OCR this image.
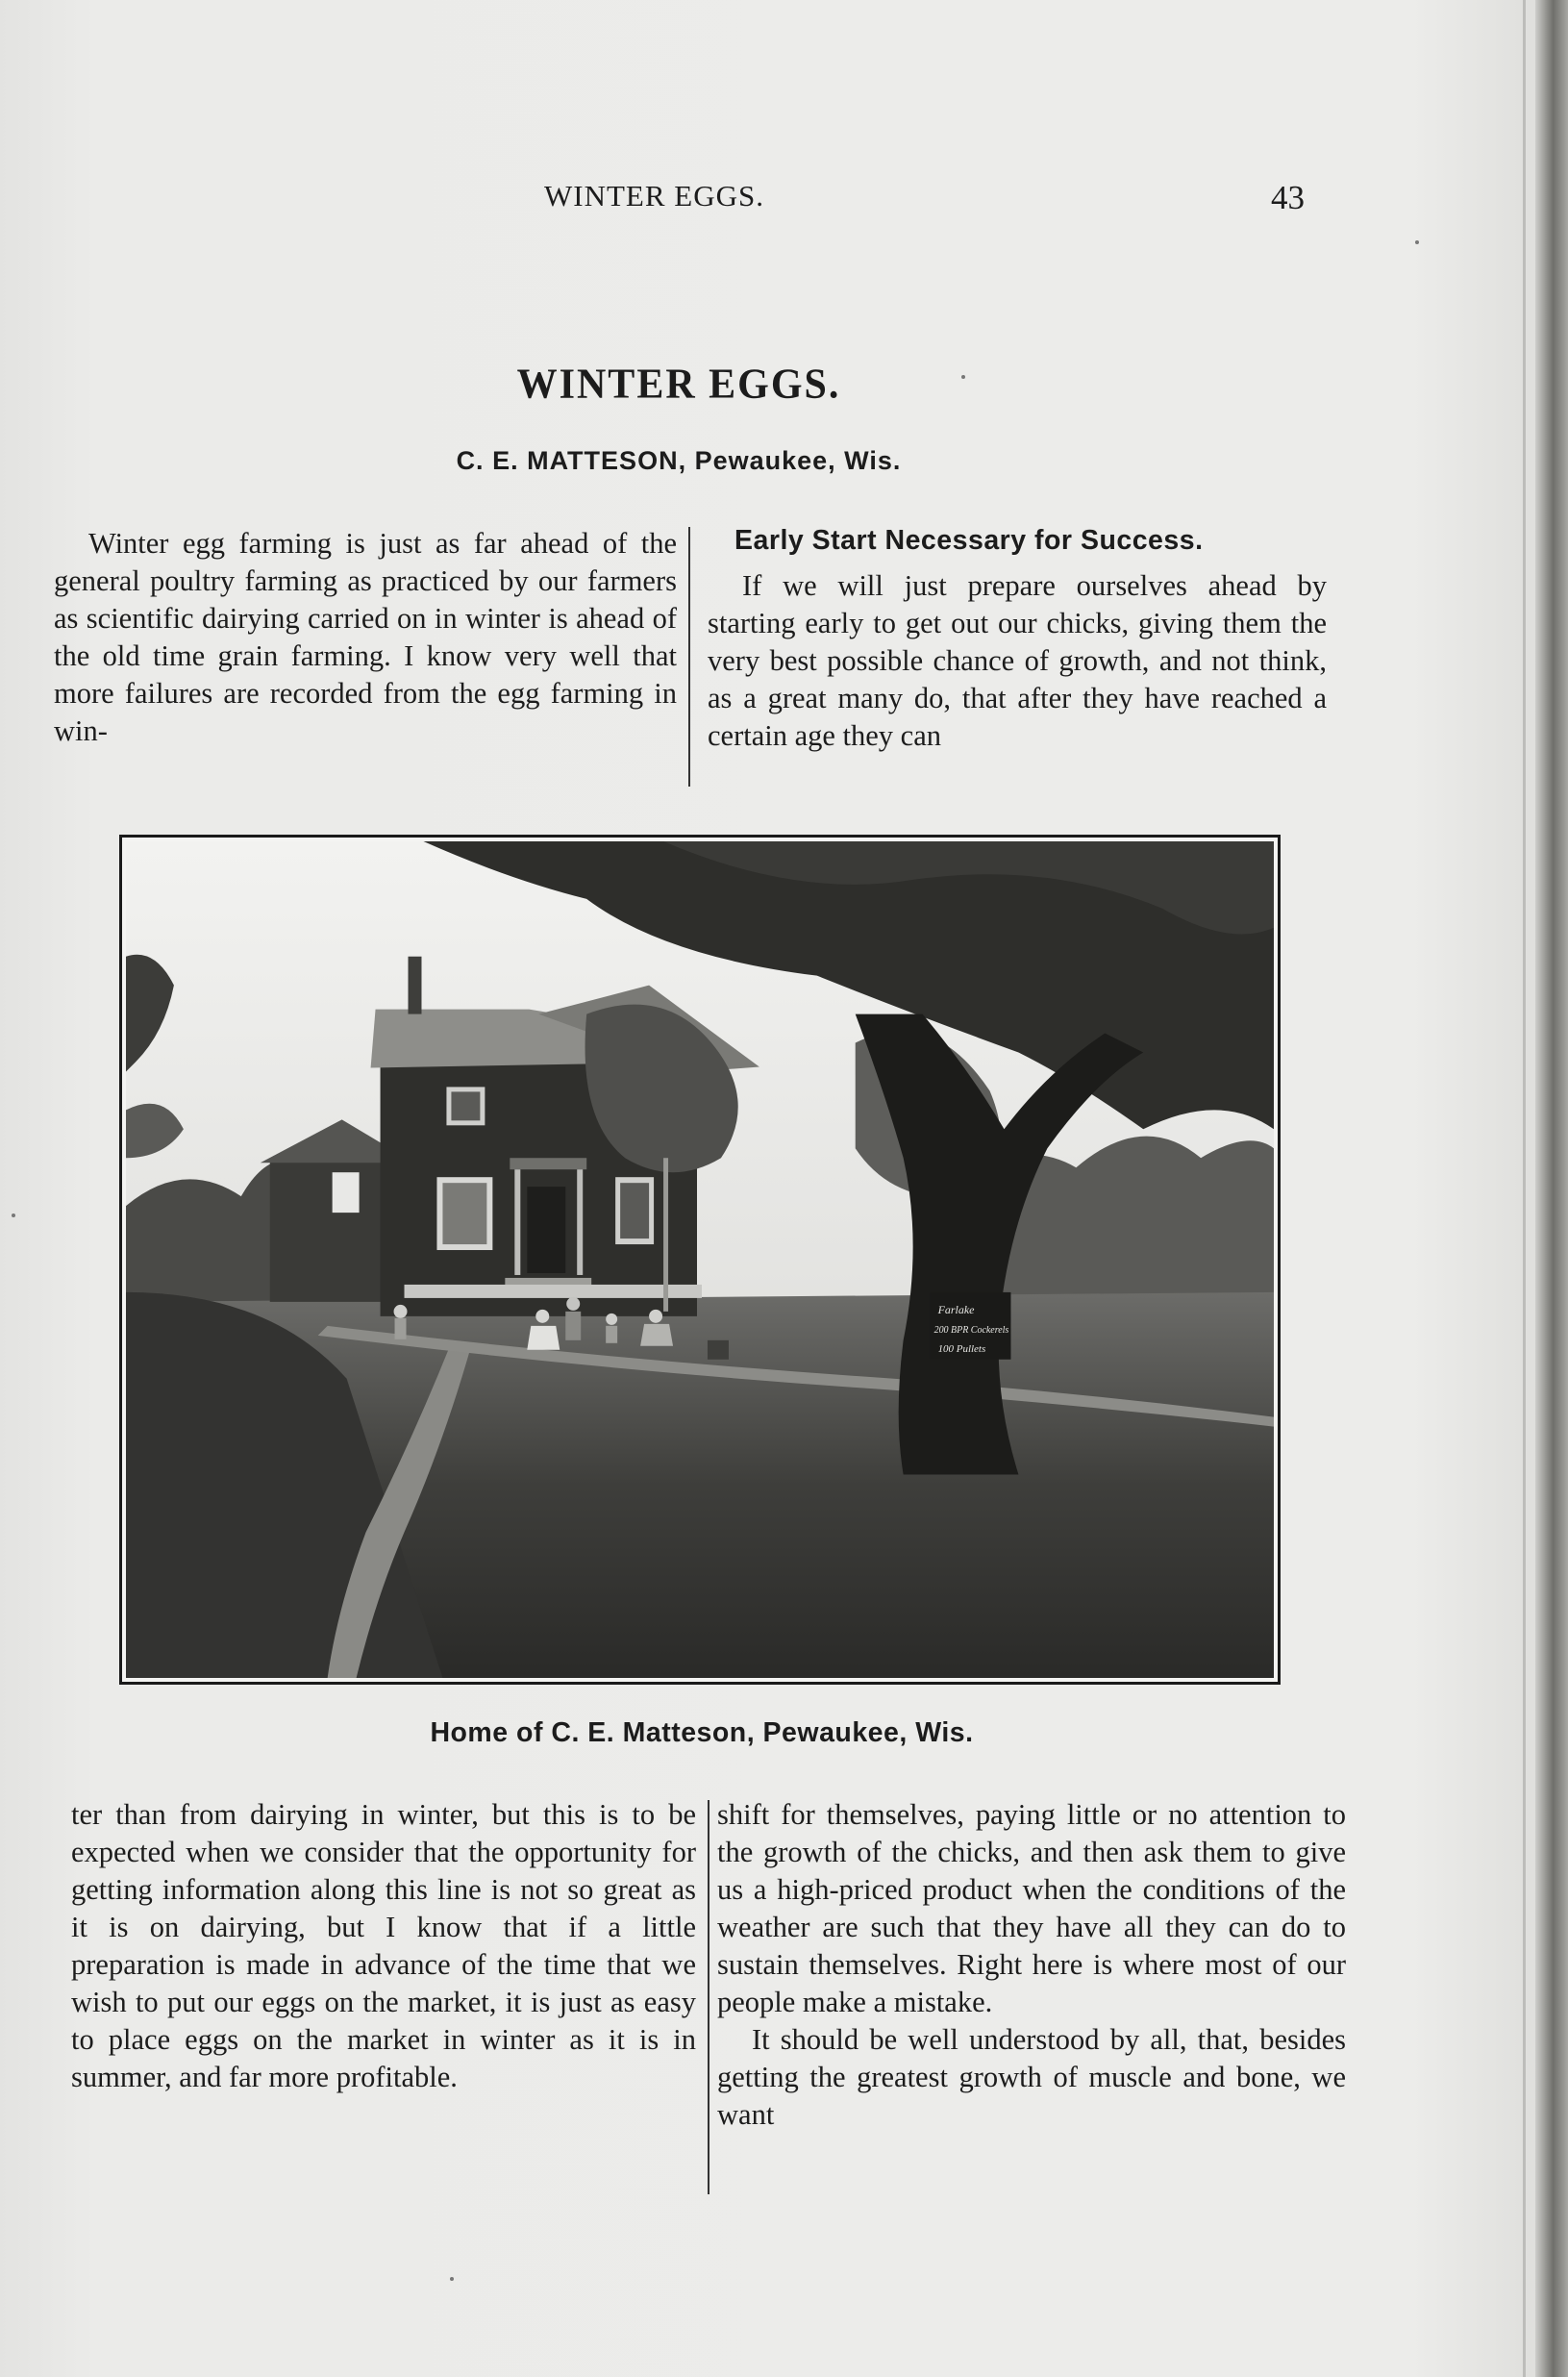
WINTER EGGS.	43
WINTER EGGS.
C. E. MATTESON, Pewaukee, Wis.

Winter egg farming is just as far ahead of the general poultry farming as practiced by our farmers as scientific dairying carried on in winter is ahead of the old time grain farming. I know very well that more failures are recorded from the egg farming in win-

Early Start Necessary for Success.

If we will just prepare ourselves ahead by starting early to get out our chicks, giving them the very best possible chance of growth, and not think, as a great many do, that after they have reached a certain age they can

Farlake
200 BPR Cockerels
100 Pullets
Home of C. E. Matteson, Pewaukee, Wis.

ter than from dairying in winter, but this is to be expected when we consider that the opportunity for getting information along this line is not so great as it is on dairying, but I know that if a little preparation is made in advance of the time that we wish to put our eggs on the market, it is just as easy to place eggs on the market in winter as it is in summer, and far more profitable.

shift for themselves, paying little or no attention to the growth of the chicks, and then ask them to give us a high-priced product when the conditions of the weather are such that they have all they can do to sustain themselves. Right here is where most of our people make a mistake.

It should be well understood by all, that, besides getting the greatest growth of muscle and bone, we want
